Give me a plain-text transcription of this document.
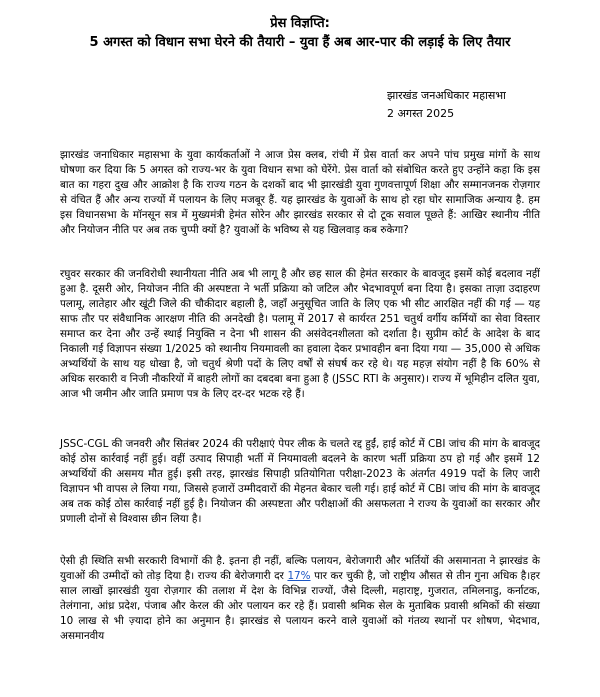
प्रेस विज्ञप्ति:
5 अगस्त को विधान सभा घेरने की तैयारी – युवा हैं अब आर-पार की लड़ाई के लिए तैयार
झारखंड जनअधिकार महासभा
2 अगस्त 2025

झारखंड जनाधिकार महासभा के युवा कार्यकर्ताओं ने आज प्रेस क्लब, रांची में प्रेस वार्ता कर अपने पांच प्रमुख मांगों के साथ घोषणा कर दिया कि 5 अगस्त को राज्य-भर के युवा विधान सभा को घेरेंगे. प्रेस वार्ता को संबोधित करते हुए उन्होंने कहा कि इस बात का गहरा दुख और आक्रोश है कि राज्य गठन के दशकों बाद भी झारखंडी युवा गुणवत्तापूर्ण शिक्षा और सम्मानजनक रोज़गार से वंचित हैं और अन्य राज्यों में पलायन के लिए मजबूर हैं. यह झारखंड के युवाओं के साथ हो रहा घोर सामाजिक अन्याय है. हम इस विधानसभा के मॉनसून सत्र में मुख्यमंत्री हेमंत सोरेन और झारखंड सरकार से दो टूक सवाल पूछते हैं: आखिर स्थानीय नीति और नियोजन नीति पर अब तक चुप्पी क्यों है? युवाओं के भविष्य से यह खिलवाड़ कब रुकेगा?

रघुवर सरकार की जनविरोधी स्थानीयता नीति अब भी लागू है और छह साल की हेमंत सरकार के बावजूद इसमें कोई बदलाव नहीं हुआ है. दूसरी ओर, नियोजन नीति की अस्पष्टता ने भर्ती प्रक्रिया को जटिल और भेदभावपूर्ण बना दिया है। इसका ताज़ा उदाहरण पलामू, लातेहार और खूंटी जिले की चौकीदार बहाली है, जहाँ अनुसूचित जाति के लिए एक भी सीट आरक्षित नहीं की गई — यह साफ तौर पर संवैधानिक आरक्षण नीति की अनदेखी है। पलामू में 2017 से कार्यरत 251 चतुर्थ वर्गीय कर्मियों का सेवा विस्तार समाप्त कर देना और उन्हें स्थाई नियुक्ति न देना भी शासन की असंवेदनशीलता को दर्शाता है। सुप्रीम कोर्ट के आदेश के बाद निकाली गई विज्ञापन संख्या 1/2025 को स्थानीय नियमावली का हवाला देकर प्रभावहीन बना दिया गया — 35,000 से अधिक अभ्यर्थियों के साथ यह धोखा है, जो चतुर्थ श्रेणी पदों के लिए वर्षों से संघर्ष कर रहे थे। यह महज़ संयोग नहीं है कि 60% से अधिक सरकारी व निजी नौकरियों में बाहरी लोगों का दबदबा बना हुआ है (JSSC RTI के अनुसार)। राज्य में भूमिहीन दलित युवा, आज भी जमीन और जाति प्रमाण पत्र के लिए दर-दर भटक रहे हैं।

JSSC-CGL की जनवरी और सितंबर 2024 की परीक्षाएं पेपर लीक के चलते रद्द हुईं, हाई कोर्ट में CBI जांच की मांग के बावजूद कोई ठोस कार्रवाई नहीं हुई। वहीं उत्पाद सिपाही भर्ती में नियमावली बदलने के कारण भर्ती प्रक्रिया ठप हो गई और इसमें 12 अभ्यर्थियों की असमय मौत हुई। इसी तरह, झारखंड सिपाही प्रतियोगिता परीक्षा-2023 के अंतर्गत 4919 पदों के लिए जारी विज्ञापन भी वापस ले लिया गया, जिससे हजारों उम्मीदवारों की मेहनत बेकार चली गई। हाई कोर्ट में CBI जांच की मांग के बावजूद अब तक कोई ठोस कार्रवाई नहीं हुई है। नियोजन की अस्पष्टता और परीक्षाओं की असफलता ने राज्य के युवाओं का सरकार और प्रणाली दोनों से विश्वास छीन लिया है।

ऐसी ही स्थिति सभी सरकारी विभागों की है. इतना ही नहीं, बल्कि पलायन, बेरोजगारी और भर्तियों की असमानता ने झारखंड के युवाओं की उम्मीदों को तोड़ दिया है। राज्य की बेरोजगारी दर 17% पार कर चुकी है, जो राष्ट्रीय औसत से तीन गुना अधिक है।हर साल लाखों झारखंडी युवा रोज़गार की तलाश में देश के विभिन्न राज्यों, जैसे दिल्ली, महाराष्ट्र, गुजरात, तमिलनाडु, कर्नाटक, तेलंगाना, आंध्र प्रदेश, पंजाब और केरल की ओर पलायन कर रहे हैं। प्रवासी श्रमिक सेल के मुताबिक प्रवासी श्रमिकों की संख्या 10 लाख से भी ज़्यादा होने का अनुमान है। झारखंड से पलायन करने वाले युवाओं को गंतव्य स्थानों पर शोषण, भेदभाव, असमानवीय
